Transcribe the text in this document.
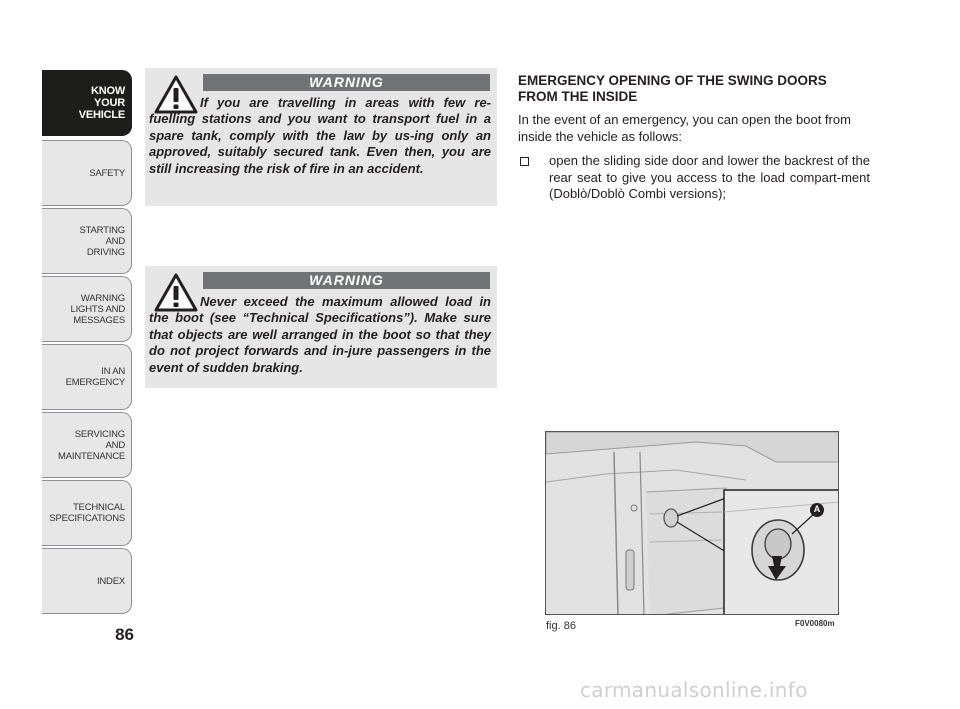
KNOW
YOUR
VEHICLE
SAFETY
STARTING
AND
DRIVING
WARNING
LIGHTS AND
MESSAGES
IN AN
EMERGENCY
SERVICING
AND
MAINTENANCE
TECHNICAL
SPECIFICATIONS
INDEX
86
WARNING
If you are travelling in areas with few re-fuelling stations and you want to transport fuel in a spare tank, comply with the law by us-ing only an approved, suitably secured tank. Even then, you are still increasing the risk of fire in an accident.
WARNING
Never exceed the maximum allowed load in the boot (see “Technical Specifications”). Make sure that objects are well arranged in the boot so that they do not project forwards and in-jure passengers in the event of sudden braking.
EMERGENCY OPENING OF THE SWING DOORS FROM THE INSIDE
In the event of an emergency, you can open the boot from inside the vehicle as follows:
open the sliding side door and lower the backrest of the rear seat to give you access to the load compart-ment (Doblò/Doblò Combi versions);
A
fig. 86	F0V0080m
carmanualsonline.info
